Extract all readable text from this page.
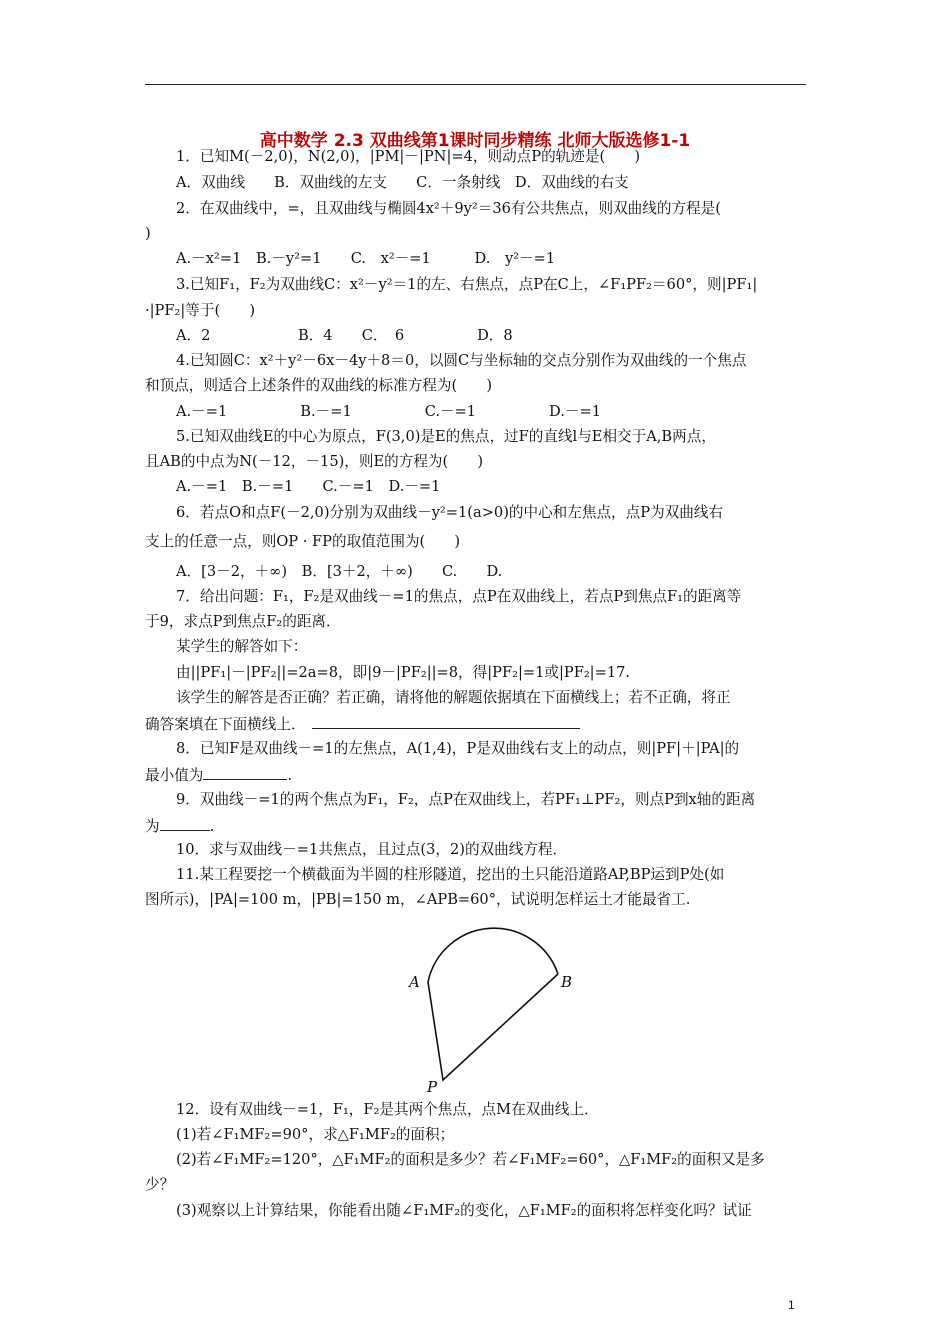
高中数学 2.3 双曲线第1课时同步精练 北师大版选修1-1
1．已知M(－2,0)，N(2,0)，|PM|－|PN|=4，则动点P的轨迹是(　　)
A．双曲线　　B．双曲线的左支　　C．一条射线　D．双曲线的右支
2．在双曲线中，=，且双曲线与椭圆4x²＋9y²＝36有公共焦点，则双曲线的方程是(
)
A.－x²=1　B.－y²=1　　C.　x²－=1　　　D.　y²－=1
3.已知F₁，F₂为双曲线C：x²－y²＝1的左、右焦点，点P在C上，∠F₁PF₂＝60°，则|PF₁|
·|PF₂|等于(　　)
A．2　　　　　　B．4　　C．　6　　　　　D．8
4.已知圆C：x²＋y²－6x－4y＋8＝0，以圆C与坐标轴的交点分别作为双曲线的一个焦点
和顶点，则适合上述条件的双曲线的标准方程为(　　)
A.－=1　　　　　B.－=1　　　　　C.－=1　　　　　D.－=1
5.已知双曲线E的中心为原点，F(3,0)是E的焦点，过F的直线l与E相交于A,B两点，
且AB的中点为N(－12，－15)，则E的方程为(　　)
A.－=1　B.－=1　　C.－=1　D.－=1
6．若点O和点F(－2,0)分别为双曲线－y²=1(a>0)的中心和左焦点，点P为双曲线右
支上的任意一点，则OP · FP的取值范围为(　　)
A．[3－2，＋∞)　B．[3＋2，＋∞)　　C.　　D.
7．给出问题：F₁，F₂是双曲线－=1的焦点，点P在双曲线上，若点P到焦点F₁的距离等
于9，求点P到焦点F₂的距离．
某学生的解答如下：
由||PF₁|－|PF₂||=2a=8，即|9－|PF₂||=8，得|PF₂|=1或|PF₂|=17.
该学生的解答是否正确？若正确，请将他的解题依据填在下面横线上；若不正确，将正
确答案填在下面横线上．
8．已知F是双曲线－=1的左焦点，A(1,4)，P是双曲线右支上的动点，则|PF|＋|PA|的
最小值为	.
9．双曲线－=1的两个焦点为F₁，F₂，点P在双曲线上，若PF₁⊥PF₂，则点P到x轴的距离
为	.
10．求与双曲线－=1共焦点，且过点(3，2)的双曲线方程．
11.某工程要挖一个横截面为半圆的柱形隧道，挖出的土只能沿道路AP,BP运到P处(如
图所示)，|PA|=100 m，|PB|=150 m，∠APB=60°，试说明怎样运土才能最省工.
A	B
P
12．设有双曲线－=1，F₁，F₂是其两个焦点，点M在双曲线上．
(1)若∠F₁MF₂=90°，求△F₁MF₂的面积；
(2)若∠F₁MF₂=120°，△F₁MF₂的面积是多少？若∠F₁MF₂=60°，△F₁MF₂的面积又是多
少？
(3)观察以上计算结果，你能看出随∠F₁MF₂的变化，△F₁MF₂的面积将怎样变化吗？试证
1
